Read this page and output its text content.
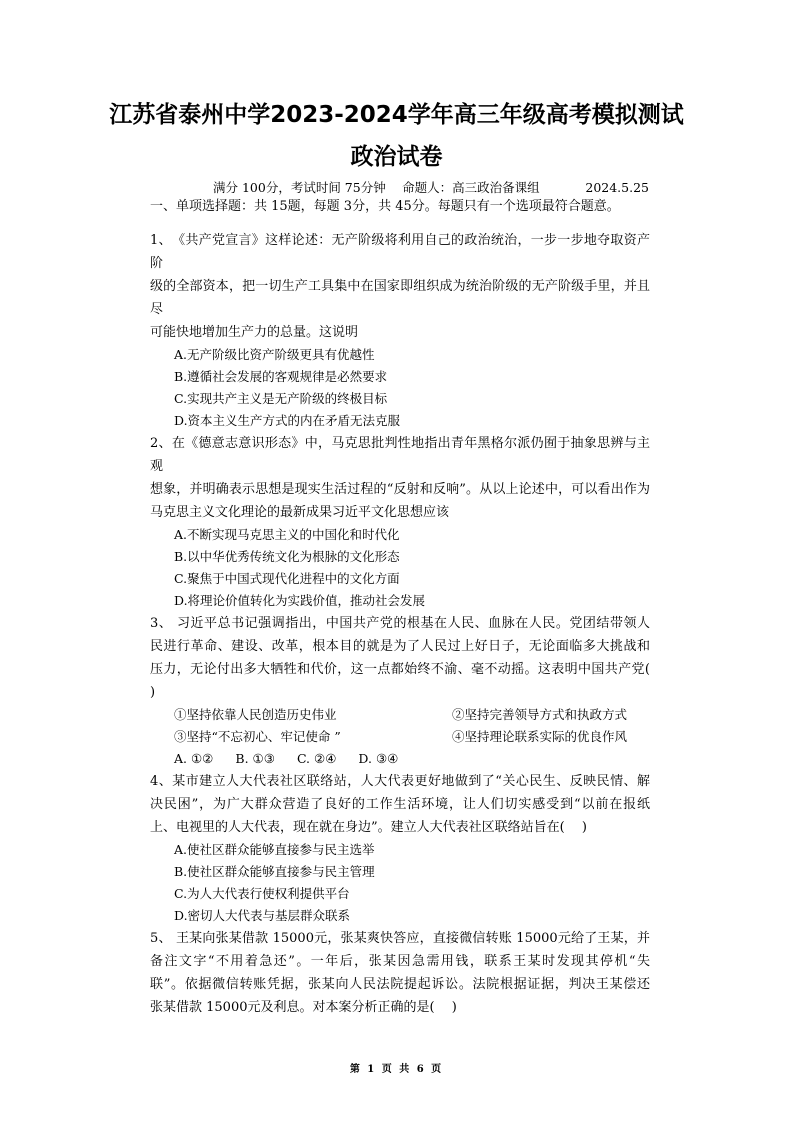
江苏省泰州中学2023-2024学年高三年级高考模拟测试
政治试卷
满分 100分，考试时间 75分钟　 命题人：高三政治备课组	2024.5.25
一、单项选择题：共 15题，每题 3分，共 45分。每题只有一个选项最符合题意。
1、　《共产党宣言》这样论述：无产阶级将利用自己的政治统治，一步一步地夺取资产阶
级的全部资本，把一切生产工具集中在国家即组织成为统治阶级的无产阶级手里，并且尽
可能快地增加生产力的总量。这说明
A.无产阶级比资产阶级更具有优越性
B.遵循社会发展的客观规律是必然要求
C.实现共产主义是无产阶级的终极目标
D.资本主义生产方式的内在矛盾无法克服
2、在《德意志意识形态》中，马克思批判性地指出青年黑格尔派仍囿于抽象思辨与主观
想象，并明确表示思想是现实生活过程的“反射和反响”。从以上论述中，可以看出作为
马克思主义文化理论的最新成果习近平文化思想应该
A.不断实现马克思主义的中国化和时代化
B.以中华优秀传统文化为根脉的文化形态
C.聚焦于中国式现代化进程中的文化方面
D.将理论价值转化为实践价值，推动社会发展
3、 习近平总书记强调指出，中国共产党的根基在人民、血脉在人民。党团结带领人
民进行革命、建设、改革，根本目的就是为了人民过上好日子，无论面临多大挑战和
压力，无论付出多大牺牲和代价，这一点都始终不渝、毫不动摇。这表明中国共产党(
)
①坚持依靠人民创造历史伟业	②坚持完善领导方式和执政方式
③坚持“不忘初心、牢记使命 ”	④坚持理论联系实际的优良作风
A. ①② B. ①③ C. ②④ D. ③④
4、某市建立人大代表社区联络站，人大代表更好地做到了“关心民生、反映民情、解
决民困”，为广大群众营造了良好的工作生活环境，让人们切实感受到“以前在报纸
上、电视里的人大代表，现在就在身边”。建立人大代表社区联络站旨在(　 )
A.使社区群众能够直接参与民主选举
B.使社区群众能够直接参与民主管理
C.为人大代表行使权利提供平台
D.密切人大代表与基层群众联系
5、 王某向张某借款 15000元，张某爽快答应，直接微信转账 15000元给了王某，并
备注文字“不用着急还”。一年后，张某因急需用钱，联系王某时发现其停机“失
联”。依据微信转账凭据，张某向人民法院提起诉讼。法院根据证据，判决王某偿还
张某借款 15000元及利息。对本案分析正确的是(　 )
第 1 页 共 6 页
